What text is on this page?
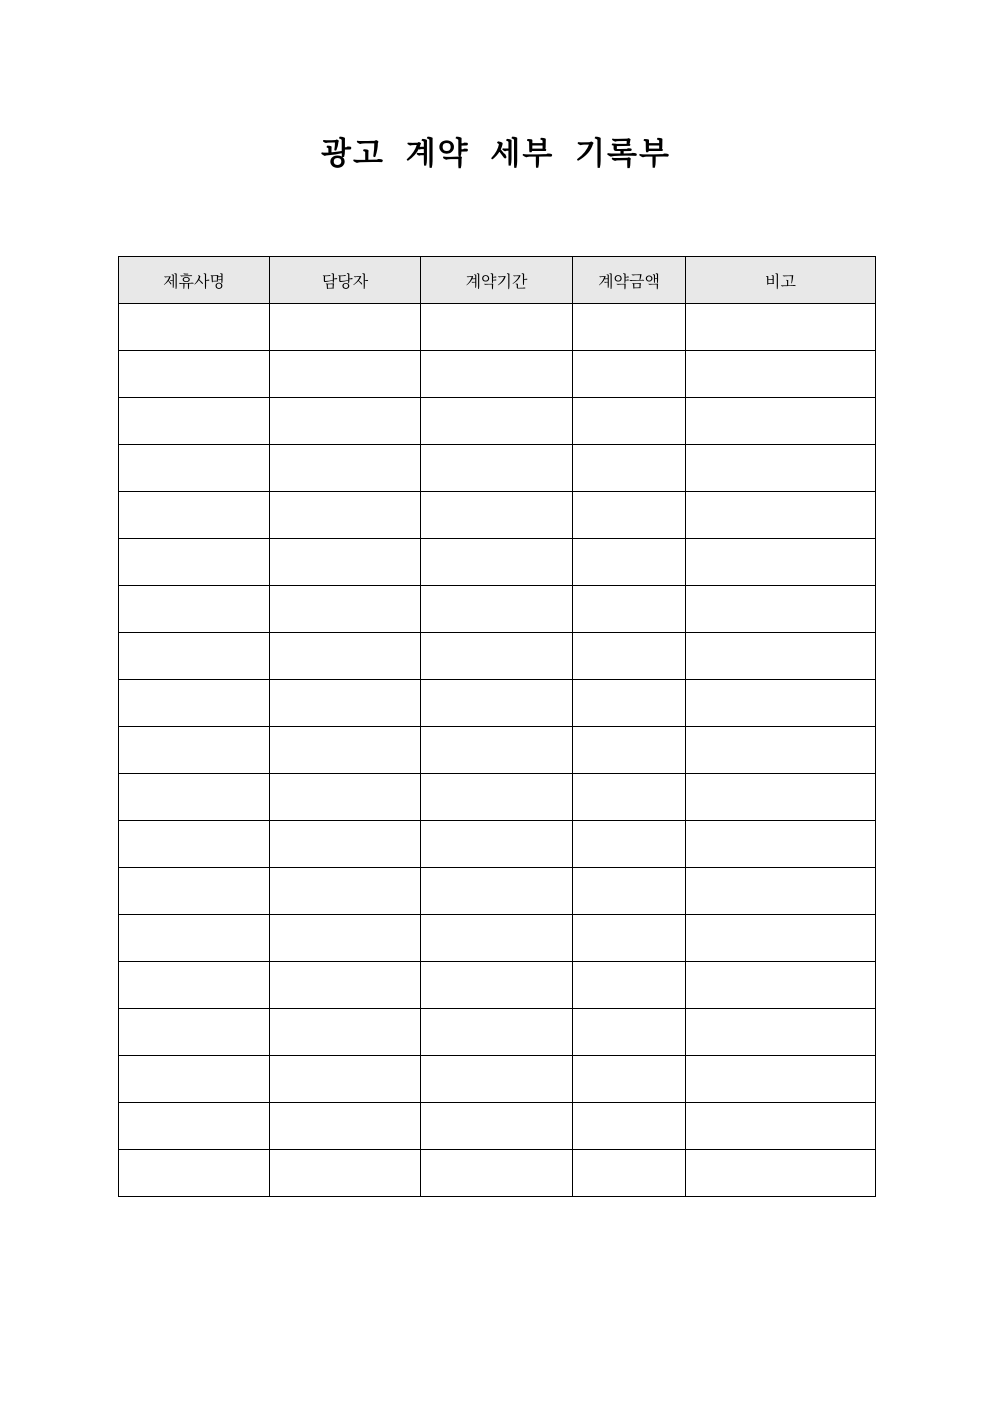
광고 계약 세부 기록부
제휴사명	담당자	계약기간	계약금액	비고
